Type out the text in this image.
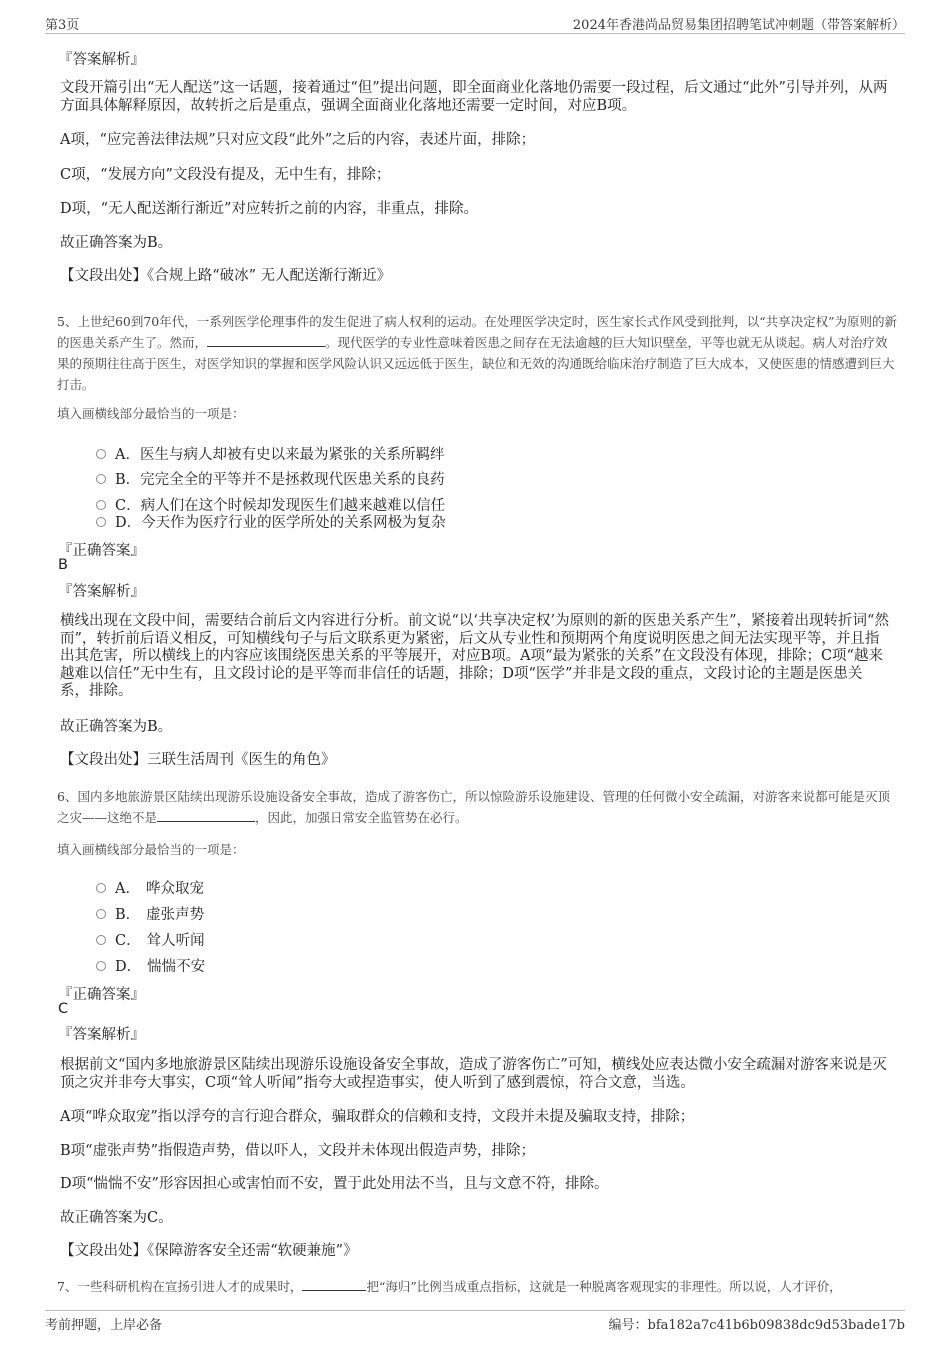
第3页	2024年香港尚品贸易集团招聘笔试冲刺题（带答案解析）
『答案解析』
文段开篇引出“无人配送”这一话题，接着通过“但”提出问题，即全面商业化落地仍需要一段过程，后文通过“此外”引导并列，从两方面具体解释原因，故转折之后是重点，强调全面商业化落地还需要一定时间，对应B项。
A项，“应完善法律法规”只对应文段“此外”之后的内容，表述片面，排除；
C项，“发展方向”文段没有提及，无中生有，排除；
D项，“无人配送渐行渐近”对应转折之前的内容，非重点，排除。
故正确答案为B。
【文段出处】《合规上路“破冰” 无人配送渐行渐近》
5、上世纪60到70年代，一系列医学伦理事件的发生促进了病人权利的运动。在处理医学决定时，医生家长式作风受到批判，以“共享决定权”为原则的新的医患关系产生了。然而，	。现代医学的专业性意味着医患之间存在无法逾越的巨大知识壁垒，平等也就无从谈起。病人对治疗效果的预期往往高于医生，对医学知识的掌握和医学风险认识又远远低于医生，缺位和无效的沟通既给临床治疗制造了巨大成本，又使医患的情感遭到巨大打击。
填入画横线部分最恰当的一项是：
A． 医生与病人却被有史以来最为紧张的关系所羁绊
B． 完完全全的平等并不是拯救现代医患关系的良药
C． 病人们在这个时候却发现医生们越来越难以信任
D． 今天作为医疗行业的医学所处的关系网极为复杂
『正确答案』
B
『答案解析』
横线出现在文段中间，需要结合前后文内容进行分析。前文说“以‘共享决定权’为原则的新的医患关系产生”，紧接着出现转折词“然而”，转折前后语义相反，可知横线句子与后文联系更为紧密，后文从专业性和预期两个角度说明医患之间无法实现平等，并且指出其危害，所以横线上的内容应该围绕医患关系的平等展开，对应B项。A项“最为紧张的关系”在文段没有体现，排除；C项“越来越难以信任”无中生有，且文段讨论的是平等而非信任的话题，排除；D项“医学”并非是文段的重点，文段讨论的主题是医患关系，排除。
故正确答案为B。
【文段出处】三联生活周刊《医生的角色》
6、国内多地旅游景区陆续出现游乐设施设备安全事故，造成了游客伤亡，所以惊险游乐设施建设、管理的任何微小安全疏漏，对游客来说都可能是灭顶之灾——这绝不是	，因此，加强日常安全监管势在必行。
填入画横线部分最恰当的一项是：
A． 哗众取宠
B． 虚张声势
C． 耸人听闻
D． 惴惴不安
『正确答案』
C
『答案解析』
根据前文“国内多地旅游景区陆续出现游乐设施设备安全事故，造成了游客伤亡”可知，横线处应表达微小安全疏漏对游客来说是灭顶之灾并非夸大事实，C项“耸人听闻”指夸大或捏造事实，使人听到了感到震惊，符合文意，当选。
A项“哗众取宠”指以浮夸的言行迎合群众，骗取群众的信赖和支持，文段并未提及骗取支持，排除；
B项“虚张声势”指假造声势，借以吓人，文段并未体现出假造声势，排除；
D项“惴惴不安”形容因担心或害怕而不安，置于此处用法不当，且与文意不符，排除。
故正确答案为C。
【文段出处】《保障游客安全还需“软硬兼施”》
7、一些科研机构在宣扬引进人才的成果时，	把“海归”比例当成重点指标，这就是一种脱离客观现实的非理性。所以说，人才评价，
考前押题，上岸必备	编号：bfa182a7c41b6b09838dc9d53bade17b
